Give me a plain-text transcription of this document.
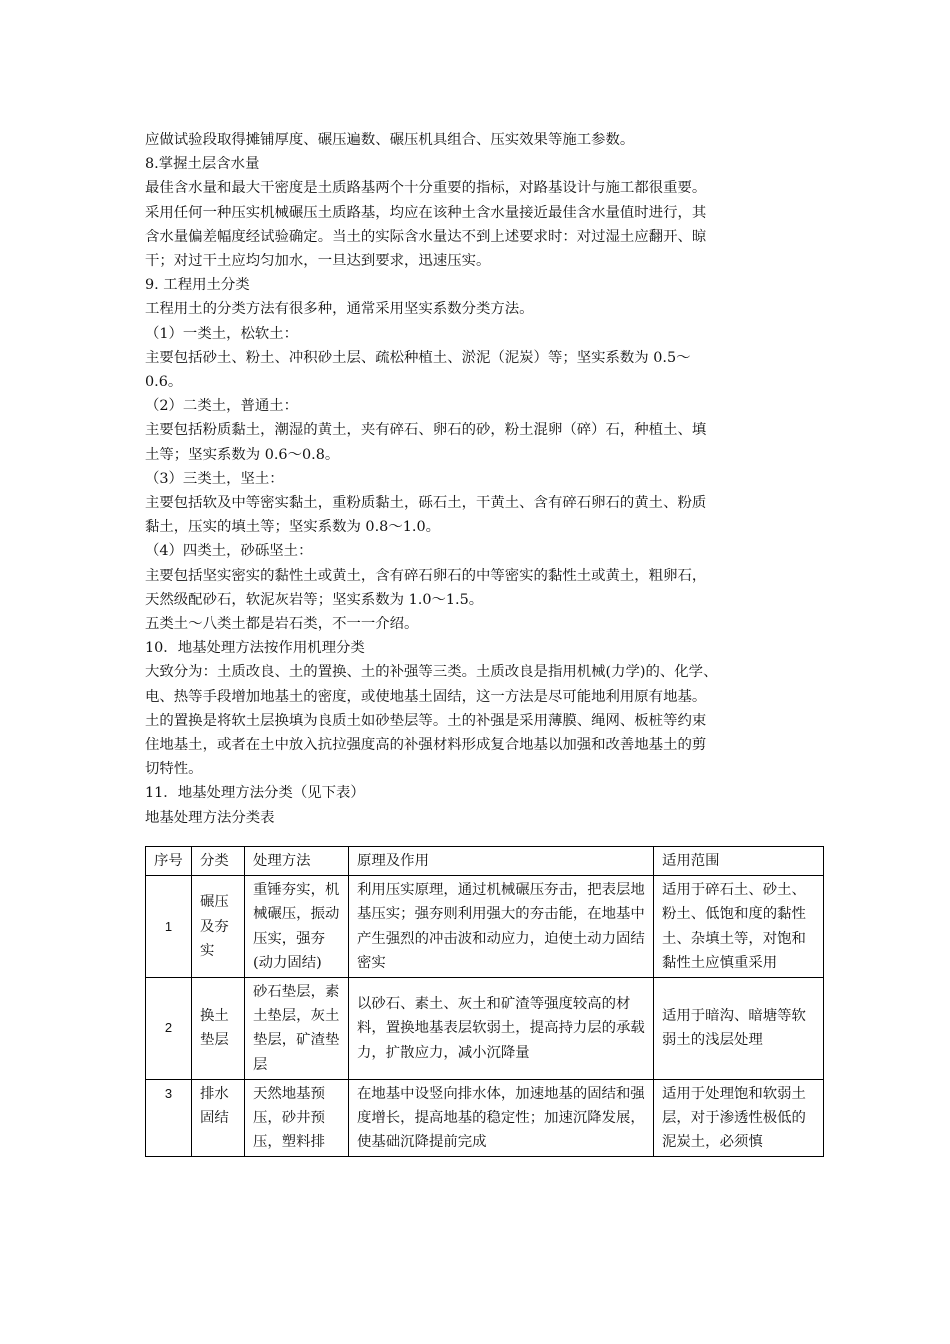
应做试验段取得摊铺厚度、碾压遍数、碾压机具组合、压实效果等施工参数。
8.掌握土层含水量
最佳含水量和最大干密度是土质路基两个十分重要的指标，对路基设计与施工都很重要。
采用任何一种压实机械碾压土质路基，均应在该种土含水量接近最佳含水量值时进行，其
含水量偏差幅度经试验确定。当土的实际含水量达不到上述要求时：对过湿土应翻开、晾
干；对过干土应均匀加水，一旦达到要求，迅速压实。
9. 工程用土分类
工程用土的分类方法有很多种，通常采用坚实系数分类方法。
（1）一类土，松软土：
主要包括砂土、粉土、冲积砂土层、疏松种植土、淤泥（泥炭）等；坚实系数为 0.5～
0.6。
（2）二类土，普通土：
主要包括粉质黏土，潮湿的黄土，夹有碎石、卵石的砂，粉土混卵（碎）石，种植土、填
土等；坚实系数为 0.6～0.8。
（3）三类土，坚土：
主要包括软及中等密实黏土，重粉质黏土，砾石土，干黄土、含有碎石卵石的黄土、粉质
黏土，压实的填土等；坚实系数为 0.8～1.0。
（4）四类土，砂砾坚土：
主要包括坚实密实的黏性土或黄土，含有碎石卵石的中等密实的黏性土或黄土，粗卵石，
天然级配砂石，软泥灰岩等；坚实系数为 1.0～1.5。
五类土～八类土都是岩石类，不一一介绍。
10．地基处理方法按作用机理分类
大致分为：土质改良、土的置换、土的补强等三类。土质改良是指用机械(力学)的、化学、
电、热等手段增加地基土的密度，或使地基土固结，这一方法是尽可能地利用原有地基。
土的置换是将软土层换填为良质土如砂垫层等。土的补强是采用薄膜、绳网、板桩等约束
住地基土，或者在土中放入抗拉强度高的补强材料形成复合地基以加强和改善地基土的剪
切特性。
11．地基处理方法分类（见下表）
地基处理方法分类表
序号	分类	处理方法	原理及作用	适用范围
1	碾压及夯实	重锤夯实，机械碾压，振动压实，强夯(动力固结)	利用压实原理，通过机械碾压夯击，把表层地基压实；强夯则利用强大的夯击能，在地基中产生强烈的冲击波和动应力，迫使土动力固结密实	适用于碎石土、砂土、粉土、低饱和度的黏性土、杂填土等，对饱和黏性土应慎重采用
2	换土垫层	砂石垫层，素土垫层，灰土垫层，矿渣垫层	以砂石、素土、灰土和矿渣等强度较高的材料，置换地基表层软弱土，提高持力层的承载力，扩散应力，减小沉降量	适用于暗沟、暗塘等软弱土的浅层处理
3	排水固结	天然地基预压，砂井预压，塑料排	在地基中设竖向排水体，加速地基的固结和强度增长，提高地基的稳定性；加速沉降发展，使基础沉降提前完成	适用于处理饱和软弱土层，对于渗透性极低的泥炭土，必须慎
